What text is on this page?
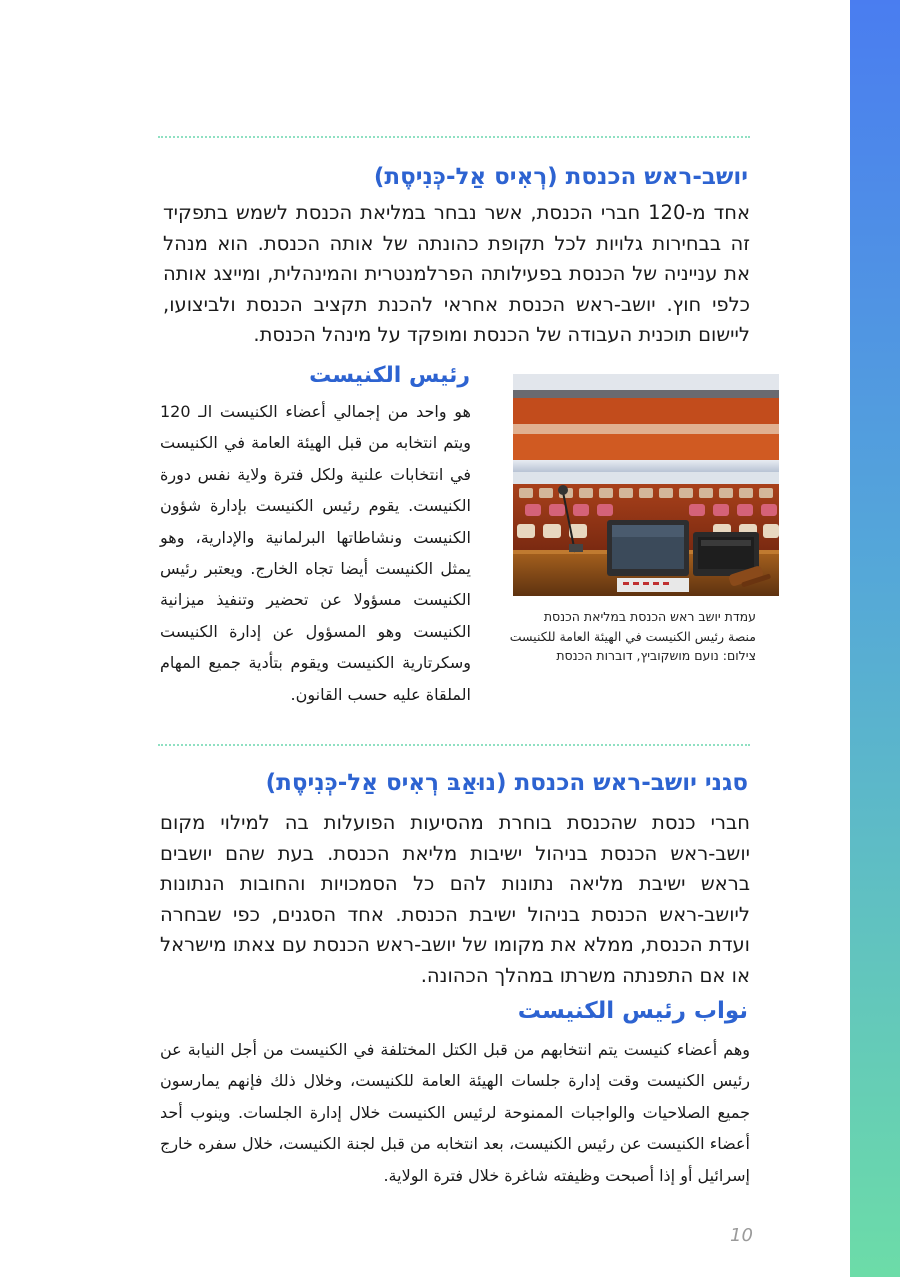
יושב-ראש הכנסת (רְאִיס אַל-כְּנִיסֶת)

אחד מ-120 חברי הכנסת, אשר נבחר במליאת הכנסת לשמש בתפקיד זה בבחירות גלויות לכל תקופת כהונתה של אותה הכנסת. הוא מנהל את ענייניה של הכנסת בפעילותה הפרלמנטרית והמינהלית, ומייצג אותה כלפי חוץ. יושב-ראש הכנסת אחראי להכנת תקציב הכנסת ולביצועו, ליישום תוכנית העבודה של הכנסת ומופקד על מינהל הכנסת.

رئيس الكنيست

هو واحد من إجمالي أعضاء الكنيست الـ 120 ويتم انتخابه من قبل الهيئة العامة في الكنيست في انتخابات علنية ولكل فترة ولاية نفس دورة الكنيست. يقوم رئيس الكنيست بإدارة شؤون الكنيست ونشاطاتها البرلمانية والإدارية، وهو يمثل الكنيست أيضا تجاه الخارج. ويعتبر رئيس الكنيست مسؤولا عن تحضير وتنفيذ ميزانية الكنيست وهو المسؤول عن إدارة الكنيست وسكرتارية الكنيست ويقوم بتأدية جميع المهام الملقاة عليه حسب القانون.

עמדת יושב ראש הכנסת במליאת הכנסת
منصة رئيس الكنيست في الهيئة العامة للكنيست
צילום: נועם מושקוביץ, דוברות הכנסת

סגני יושב-ראש הכנסת (נוּאַבּ רְאִיס אַל-כְּנִיסֶת)

חברי כנסת שהכנסת בוחרת מהסיעות הפועלות בה למילוי מקום יושב-ראש הכנסת בניהול ישיבות מליאת הכנסת. בעת שהם יושבים בראש ישיבת מליאה נתונות להם כל הסמכויות והחובות הנתונות ליושב-ראש הכנסת בניהול ישיבת הכנסת. אחד הסגנים, כפי שבחרה ועדת הכנסת, ממלא את מקומו של יושב-ראש הכנסת עם צאתו מישראל או אם התפנתה משרתו במהלך הכהונה.

نواب رئيس الكنيست

وهم أعضاء كنيست يتم انتخابهم من قبل الكتل المختلفة في الكنيست من أجل النيابة عن رئيس الكنيست وقت إدارة جلسات الهيئة العامة للكنيست، وخلال ذلك فإنهم يمارسون جميع الصلاحيات والواجبات الممنوحة لرئيس الكنيست خلال إدارة الجلسات. وينوب أحد أعضاء الكنيست عن رئيس الكنيست، بعد انتخابه من قبل لجنة الكنيست، خلال سفره خارج إسرائيل أو إذا أصبحت وظيفته شاغرة خلال فترة الولاية.

10
